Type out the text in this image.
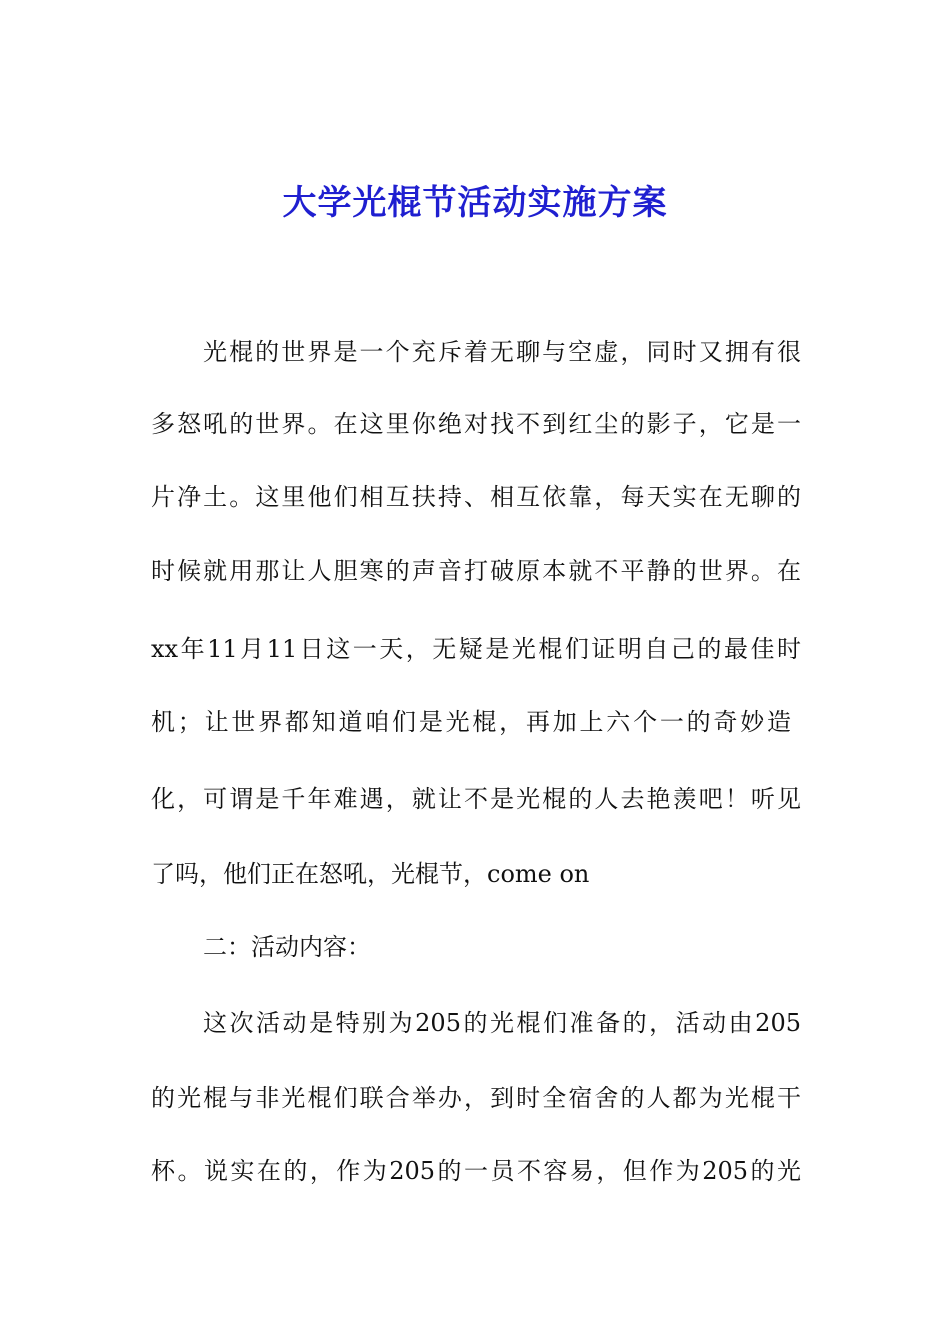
大学光棍节活动实施方案

光棍的世界是一个充斥着无聊与空虚，同时又拥有很

多怒吼的世界。在这里你绝对找不到红尘的影子，它是一

片净土。这里他们相互扶持、相互依靠，每天实在无聊的

时候就用那让人胆寒的声音打破原本就不平静的世界。在

xx年11月11日这一天，无疑是光棍们证明自己的最佳时

机；让世界都知道咱们是光棍，再加上六个一的奇妙造

化，可谓是千年难遇，就让不是光棍的人去艳羡吧！听见

了吗，他们正在怒吼，光棍节，come on

二：活动内容：

这次活动是特别为205的光棍们准备的，活动由205

的光棍与非光棍们联合举办，到时全宿舍的人都为光棍干

杯。说实在的，作为205的一员不容易，但作为205的光
